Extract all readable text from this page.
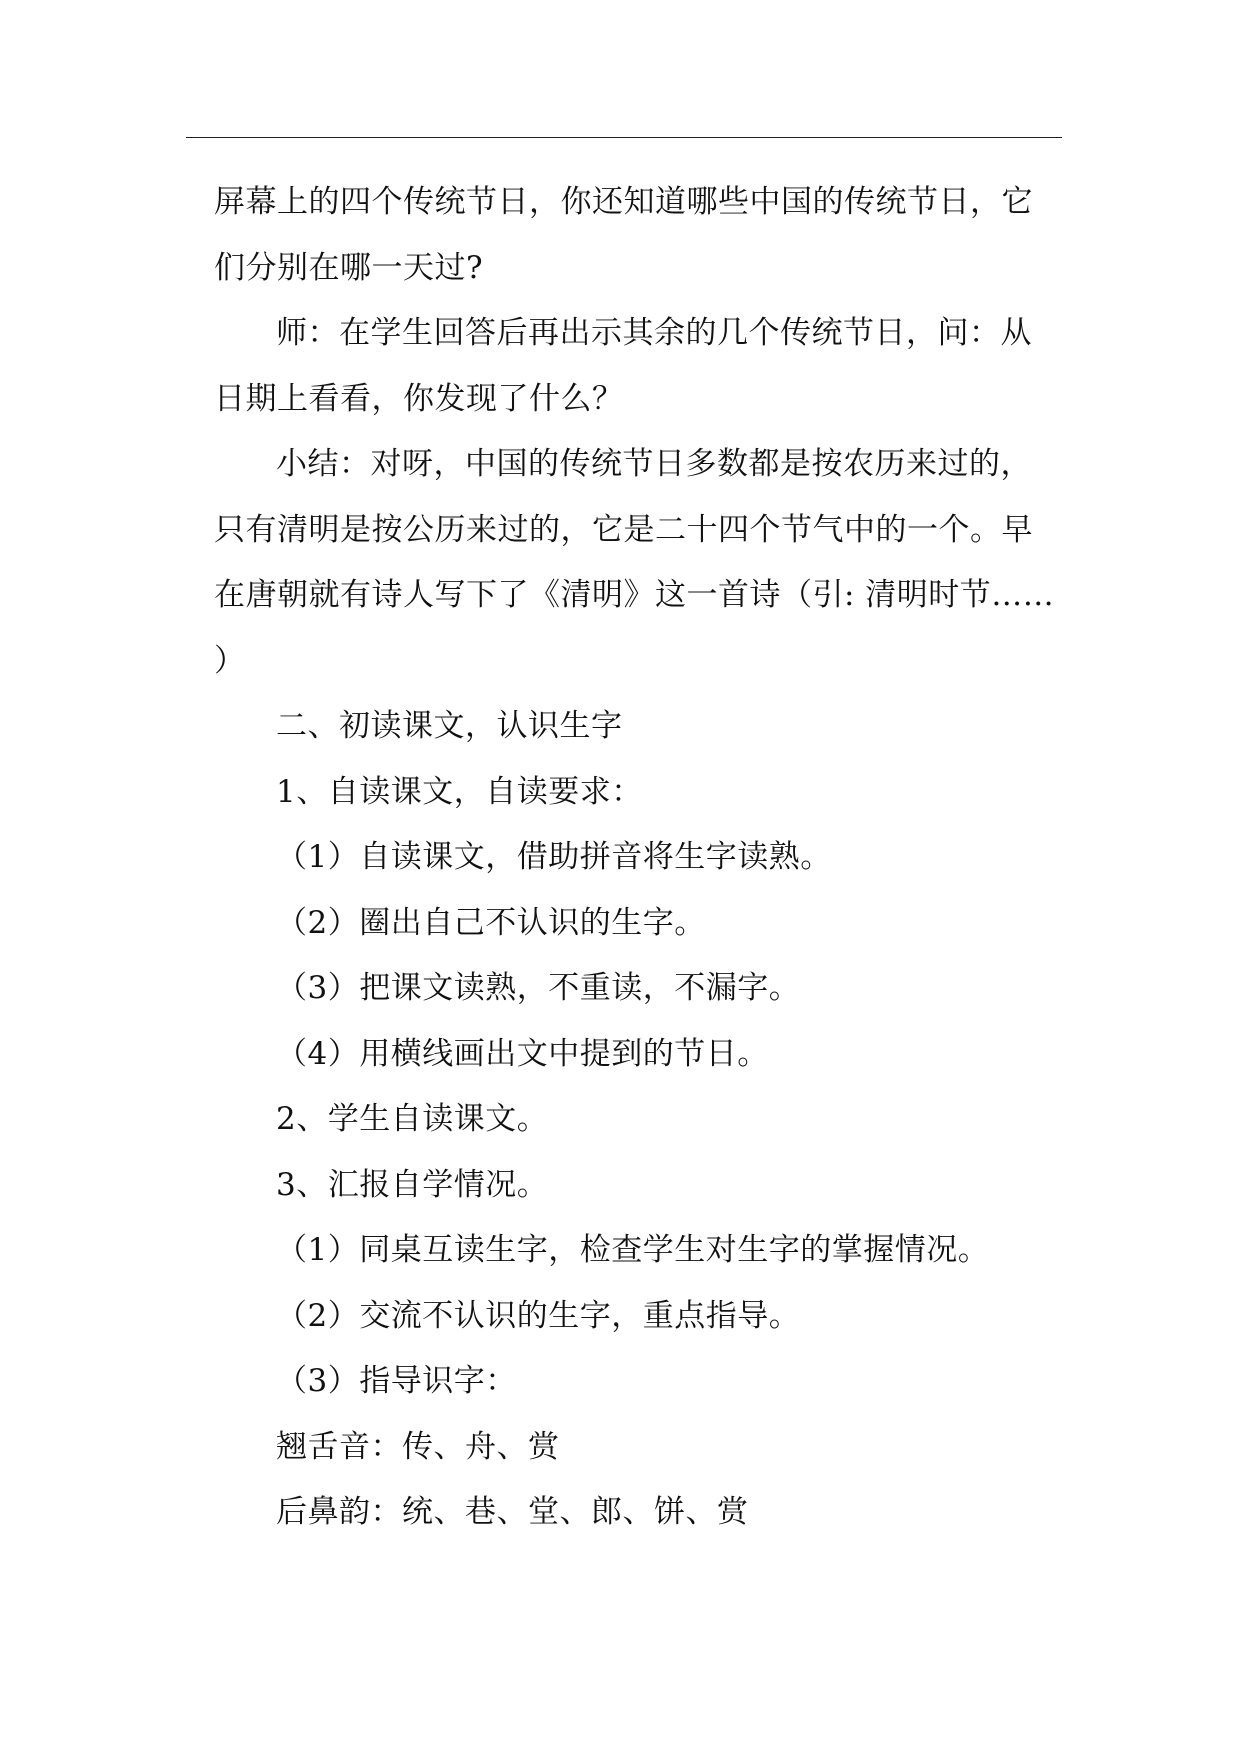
屏幕上的四个传统节日，你还知道哪些中国的传统节日，它
们分别在哪一天过?
师：在学生回答后再出示其余的几个传统节日，问：从
日期上看看，你发现了什么？
小结：对呀，中国的传统节日多数都是按农历来过的，
只有清明是按公历来过的，它是二十四个节气中的一个。早
在唐朝就有诗人写下了《清明》这一首诗（引: 清明时节……
）
二、初读课文，认识生字
1、自读课文，自读要求：
（1）自读课文，借助拼音将生字读熟。
（2）圈出自己不认识的生字。
（3）把课文读熟，不重读，不漏字。
（4）用横线画出文中提到的节日。
2、学生自读课文。
3、汇报自学情况。
（1）同桌互读生字，检查学生对生字的掌握情况。
（2）交流不认识的生字，重点指导。
（3）指导识字：
翘舌音：传、舟、赏
后鼻韵：统、巷、堂、郎、饼、赏
